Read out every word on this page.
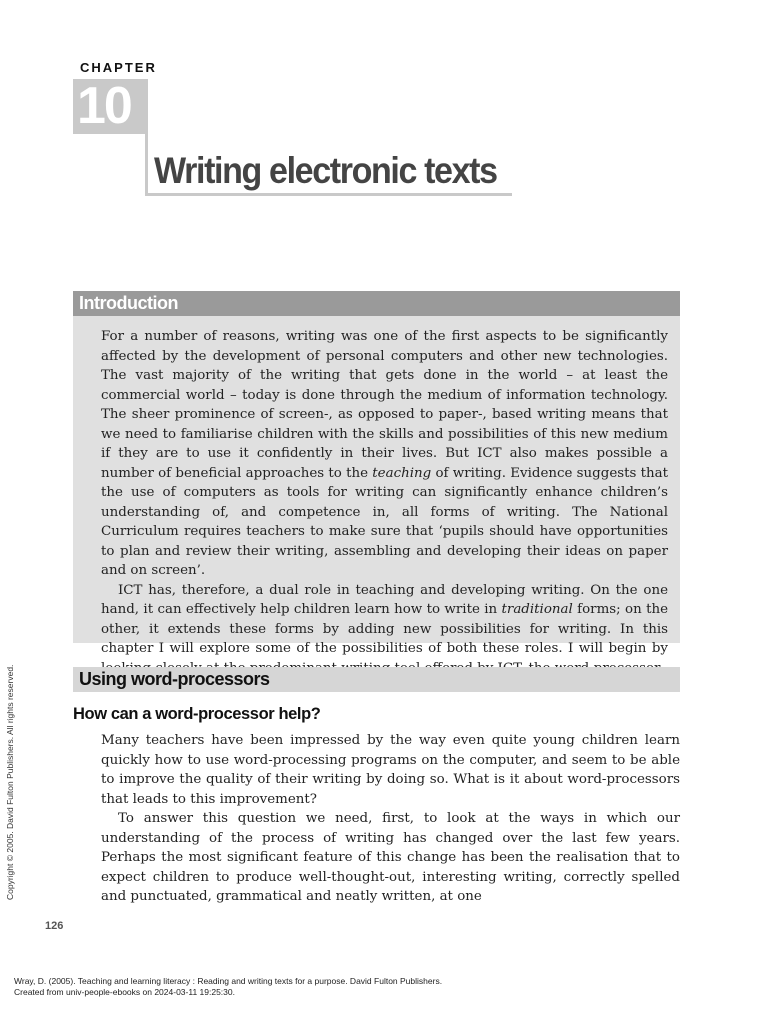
CHAPTER
10
Writing electronic texts
Introduction

For a number of reasons, writing was one of the first aspects to be significantly affected by the development of personal computers and other new technologies. The vast majority of the writing that gets done in the world – at least the commercial world – today is done through the medium of information technology. The sheer prominence of screen-, as opposed to paper-, based writing means that we need to familiarise children with the skills and possibilities of this new medium if they are to use it confidently in their lives. But ICT also makes possible a number of beneficial approaches to the teaching of writing. Evidence suggests that the use of computers as tools for writing can significantly enhance children’s understanding of, and competence in, all forms of writing. The National Curriculum requires teachers to make sure that ‘pupils should have opportunities to plan and review their writing, assembling and developing their ideas on paper and on screen’.

ICT has, therefore, a dual role in teaching and developing writing. On the one hand, it can effectively help children learn how to write in traditional forms; on the other, it extends these forms by adding new possibilities for writing. In this chapter I will explore some of the possibilities of both these roles. I will begin by

Using word-processors
How can a word-processor help?

Many teachers have been impressed by the way even quite young children learn quickly how to use word-processing programs on the computer, and seem to be able to improve the quality of their writing by doing so. What is it about word-processors that leads to this improvement?

To answer this question we need, first, to look at the ways in which our understanding of the process of writing has changed over the last few years. Perhaps the most significant feature of this change has been the realisation that to expect children to produce well-thought-out, interesting writing, correctly spelled and punctuated, grammatical and neatly written, at one

Copyright © 2005. David Fulton Publishers. All rights reserved.
126
Wray, D. (2005). Teaching and learning literacy : Reading and writing texts for a purpose. David Fulton Publishers.
Created from univ-people-ebooks on 2024-03-11 19:25:30.
